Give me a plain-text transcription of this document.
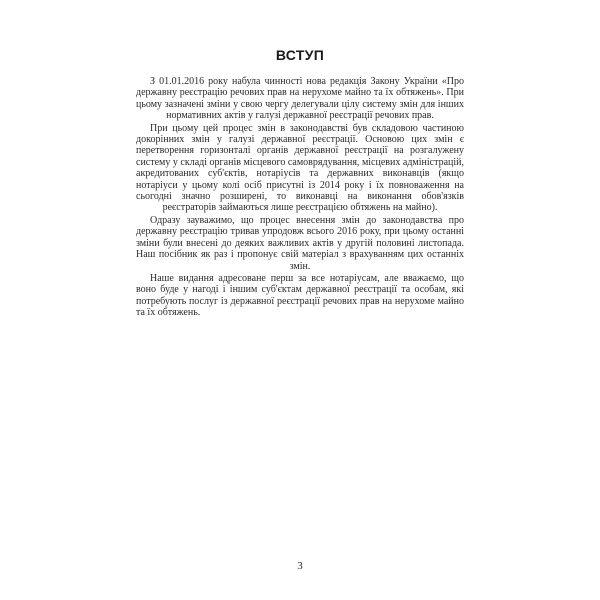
ВСТУП

З 01.01.2016 року набула чинності нова редакція Закону України «Про державну реєстрацію речових прав на нерухоме майно та їх обтяжень». При цьому зазначені зміни у свою чергу делегували цілу систему змін для інших нормативних актів у галузі державної реєстрації речових прав.

При цьому цей процес змін в законодавстві був складовою частиною докорінних змін у галузі державної реєстрації. Основою цих змін є перетворення горизонталі органів державної реєстрації на розгалужену систему у складі органів місцевого самоврядування, місцевих адміністрацій, акредитованих суб'єктів, нотаріусів та державних виконавців (якщо нотаріуси у цьому колі осіб присутні із 2014 року і їх повноваження на сьогодні значно розширені, то виконавці на виконання обов'язків реєстраторів займаються лише реєстрацією обтяжень на майно).

Одразу зауважимо, що процес внесення змін до законодавства про державну реєстрацію тривав упродовж всього 2016 року, при цьому останні зміни були внесені до деяких важливих актів у другій половині листопада. Наш посібник як раз і пропонує свій матеріал з врахуванням цих останніх змін.

Наше видання адресоване перш за все нотаріусам, але вважаємо, що воно буде у нагоді і іншим суб'єктам державної реєстрації та особам, які потребують послуг із державної реєстрації речових прав на нерухоме майно та їх обтяжень.

3
